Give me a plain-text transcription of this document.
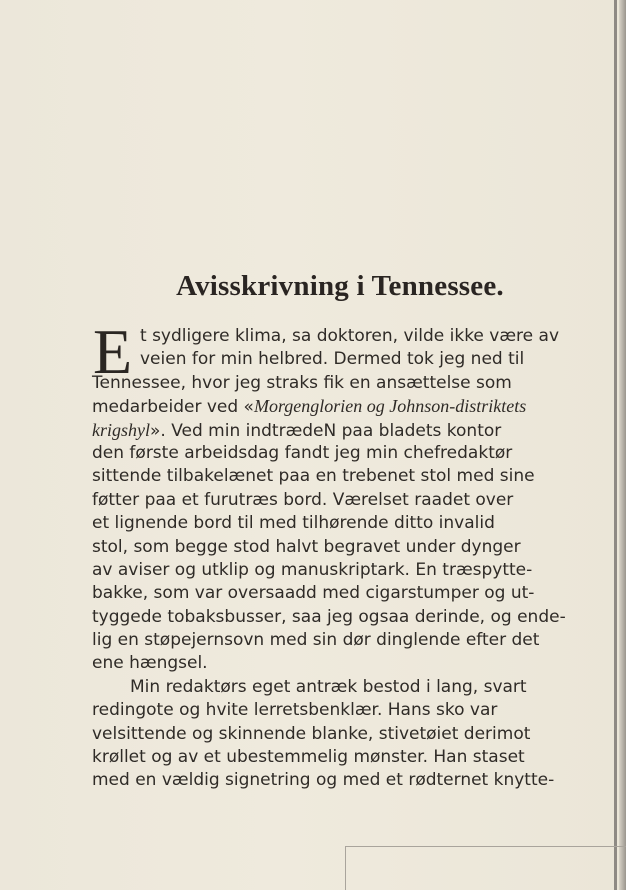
Avisskrivning i Tennessee.
E t sydligere klima, sa doktoren, vilde ikke være av
veien for min helbred. Dermed tok jeg ned til
Tennessee, hvor jeg straks fik en ansættelse som
medarbeider ved «Morgenglorien og Johnson-distriktets
krigshyl». Ved min indtrædeN paa bladets kontor
den første arbeidsdag fandt jeg min chefredaktør
sittende tilbakelænet paa en trebenet stol med sine
føtter paa et furutræs bord. Værelset raadet over
et lignende bord til med tilhørende ditto invalid
stol, som begge stod halvt begravet under dynger
av aviser og utklip og manuskriptark. En træspytte-
bakke, som var oversaadd med cigarstumper og ut-
tyggede tobaksbusser, saa jeg ogsaa derinde, og ende-
lig en støpejernsovn med sin dør dinglende efter det
ene hængsel.
Min redaktørs eget antræk bestod i lang, svart
redingote og hvite lerretsbenklær. Hans sko var
velsittende og skinnende blanke, stivetøiet derimot
krøllet og av et ubestemmelig mønster. Han staset
med en vældig signetring og med et rødternet knytte-
